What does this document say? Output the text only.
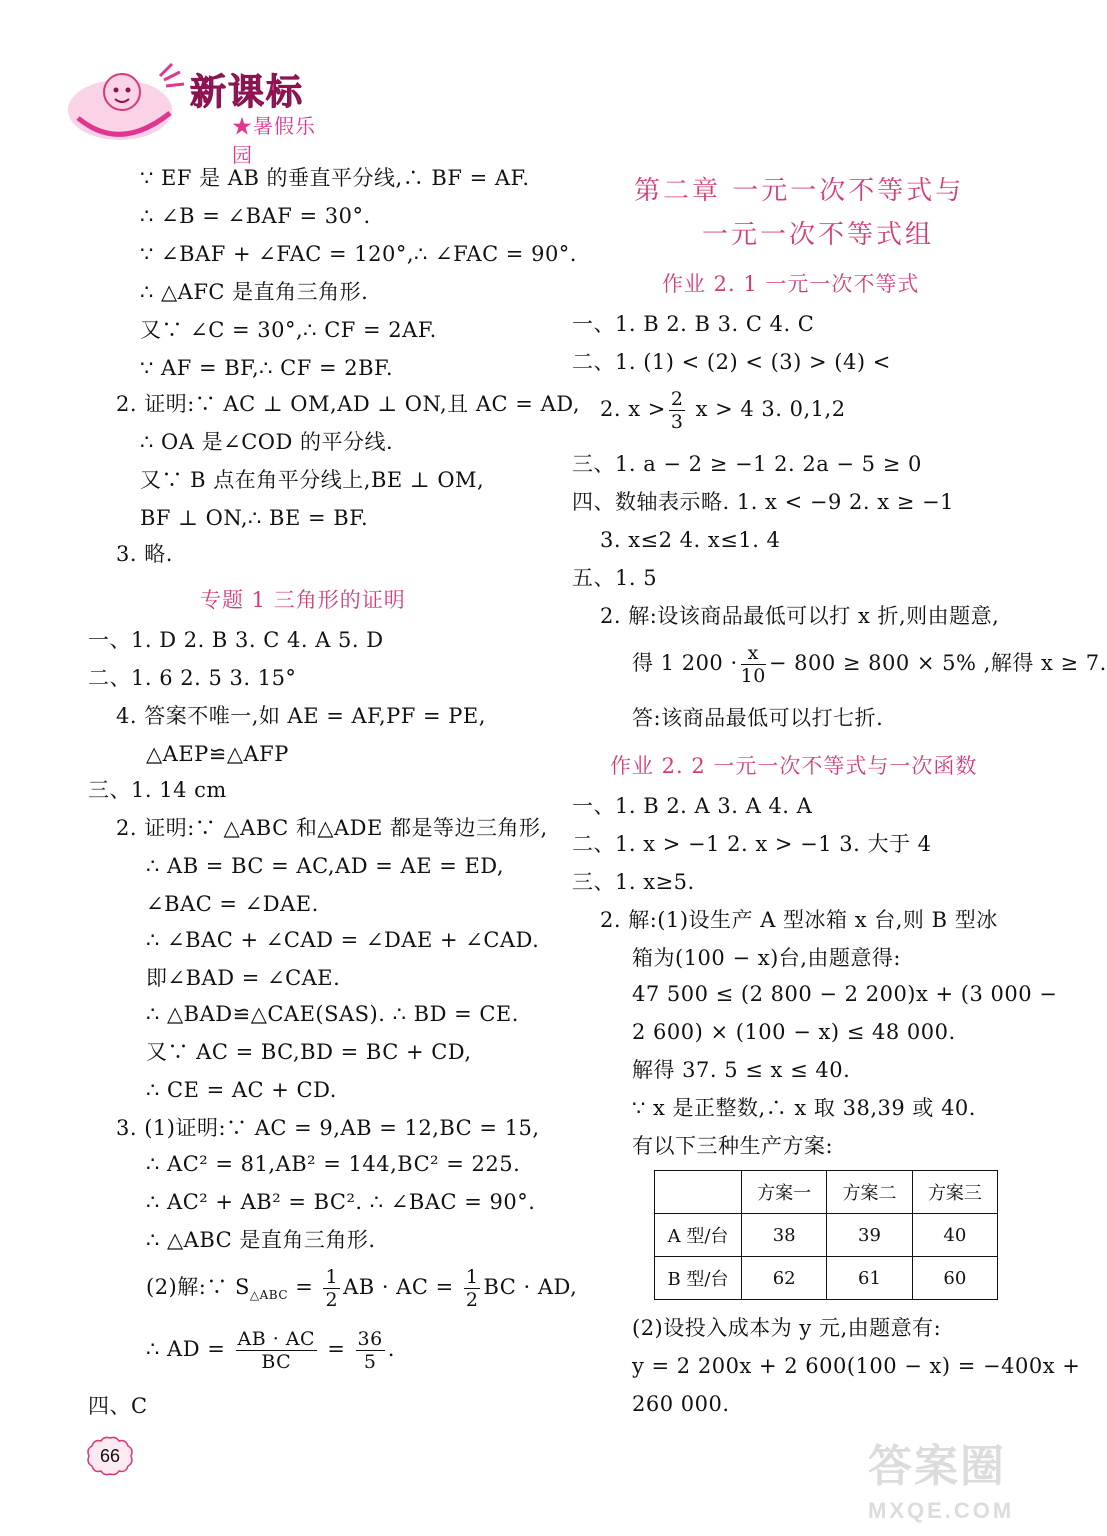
新课标
★暑假乐园
∵ EF 是 AB 的垂直平分线,∴ BF = AF.
∴ ∠B = ∠BAF = 30°.
∵ ∠BAF + ∠FAC = 120°,∴ ∠FAC = 90°.
∴ △AFC 是直角三角形.
又∵ ∠C = 30°,∴ CF = 2AF.
∵ AF = BF,∴ CF = 2BF.
2. 证明:∵ AC ⊥ OM,AD ⊥ ON,且 AC = AD,
∴ OA 是∠COD 的平分线.
又∵ B 点在角平分线上,BE ⊥ OM,
BF ⊥ ON,∴ BE = BF.
3. 略.
专题 1 三角形的证明
一、1. D 2. B 3. C 4. A 5. D
二、1. 6 2. 5 3. 15°
4. 答案不唯一,如 AE = AF,PF = PE,
△AEP≌△AFP
三、1. 14 cm
2. 证明:∵ △ABC 和△ADE 都是等边三角形,
∴ AB = BC = AC,AD = AE = ED,
∠BAC = ∠DAE.
∴ ∠BAC + ∠CAD = ∠DAE + ∠CAD.
即∠BAD = ∠CAE.
∴ △BAD≌△CAE(SAS). ∴ BD = CE.
又∵ AC = BC,BD = BC + CD,
∴ CE = AC + CD.
3. (1)证明:∵ AC = 9,AB = 12,BC = 15,
∴ AC² = 81,AB² = 144,BC² = 225.
∴ AC² + AB² = BC². ∴ ∠BAC = 90°.
∴ △ABC 是直角三角形.
(2)解:∵ $S_{\triangle ABC} = \frac{1}{2}$ AB · AC = $\frac{1}{2}$ BC · AD,
∴ AD = $\frac{AB \cdot AC}{BC} = \frac{36}{5}$ .
四、C
第二章 一元一次不等式与
一元一次不等式组
作业 2. 1 一元一次不等式
一、1. B 2. B 3. C 4. C
二、1. (1) < (2) < (3) > (4) <
2. $x > \frac{2}{3}$ x > 4 3. 0,1,2
三、1. a − 2 ≥ −1 2. 2a − 5 ≥ 0
四、数轴表示略. 1. x < −9 2. x ≥ −1
3. x≤2 4. x≤1. 4
五、1. 5
2. 解:设该商品最低可以打 x 折,则由题意,
得 1 $200 \cdot \frac{x}{10} - 800 \ge 800 \times 5\%$ ,解得 x ≥ 7.
答:该商品最低可以打七折.
作业 2. 2 一元一次不等式与一次函数
一、1. B 2. A 3. A 4. A
二、1. x > −1 2. x > −1 3. 大于 4
三、1. x≥5.
2. 解:(1)设生产 A 型冰箱 x 台,则 B 型冰
箱为(100 − x)台,由题意得:
47 500 ≤ (2 800 − 2 200)x + (3 000 −
2 600) × (100 − x) ≤ 48 000.
解得 37. 5 ≤ x ≤ 40.
∵ x 是正整数,∴ x 取 38,39 或 40.
有以下三种生产方案:
	方案一	方案二	方案三
A 型/台	38	39	40
B 型/台	62	61	60
(2)设投入成本为 y 元,由题意有:
y = 2 200x + 2 600(100 − x) = −400x +
260 000.
66	答案圈
MXQE.COM
